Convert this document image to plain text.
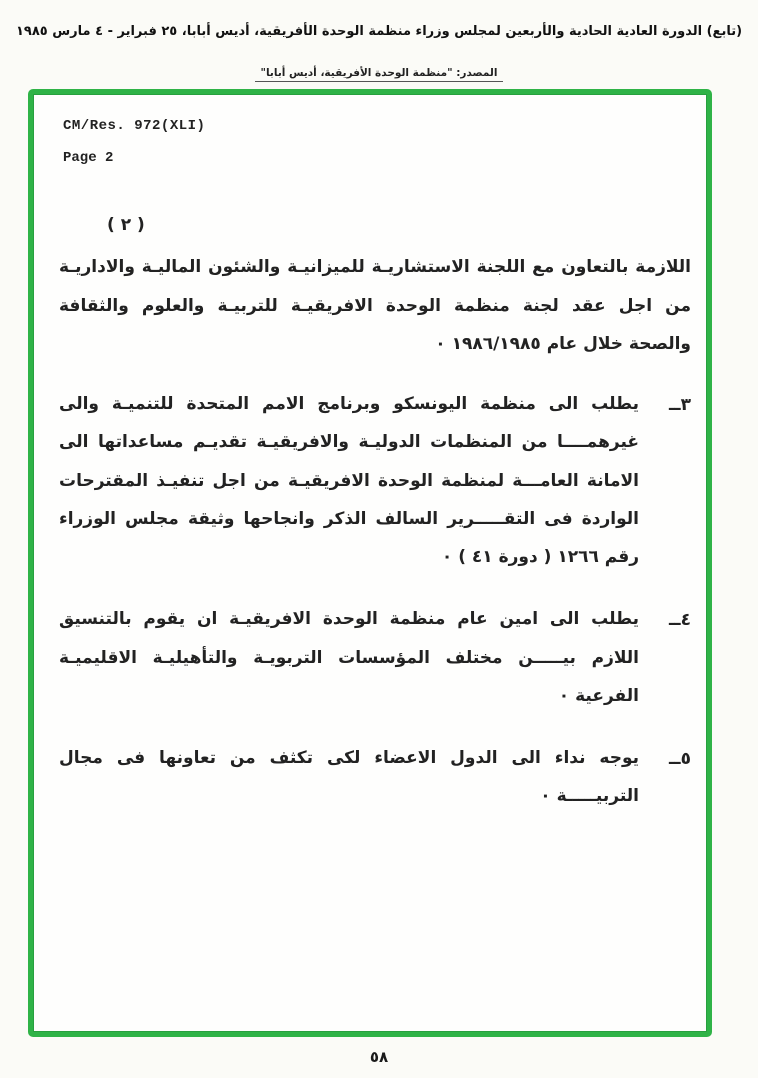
(تابع) الدورة العادية الحادية والأربعين لمجلس وزراء منظمة الوحدة الأفريقية، أديس أبابا، ٢٥ فبراير - ٤ مارس ١٩٨٥

المصدر: "منظمة الوحدة الأفريقية، أديس أبابا"
CM/Res. 972(XLI)
Page 2
( ٢ )

اللازمة بالتعاون مع اللجنة الاستشاريـة للميزانيـة والشئون الماليـة والاداريـة من اجل عقد لجنة منظمة الوحدة الافريقيـة للتربيـة والعلوم والثقافة والصحة خلال عام ١٩٨٦/١٩٨٥ ٠

٣ــ

يطلب الى منظمة اليونسكو وبرنامج الامم المتحدة للتنميـة والى غيرهمــــا من المنظمات الدوليـة والافريقيـة تقديـم مساعداتها الى الامانة العامـــة لمنظمة الوحدة الافريقيـة من اجل تنفيـذ المقترحات الواردة فى التقـــــرير السالف الذكر وانجاحها وثيقة مجلس الوزراء رقم ١٢٦٦ ( دورة ٤١ ) ٠

٤ــ

يطلب الى امين عام منظمة الوحدة الافريقيـة ان يقوم بالتنسيق اللازم بيـــــن مختلف المؤسسات التربويـة والتأهيليـة الاقليميـة الفرعية ٠

٥ــ

يوجه نداء الى الدول الاعضاء لكى تكثف من تعاونها فى مجال التربيـــــة ٠

٥٨
